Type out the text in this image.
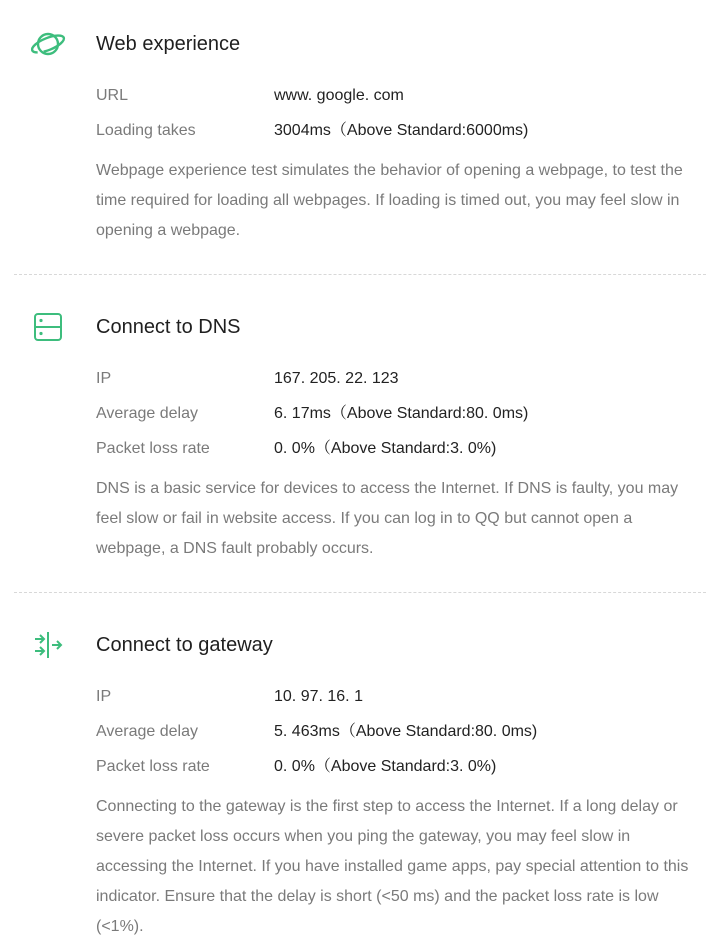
Web experience
URL	www. google. com
Loading takes	3004ms（Above Standard:6000ms)

Webpage experience test simulates the behavior of opening a webpage, to test the time required for loading all webpages. If loading is timed out, you may feel slow in opening a webpage.

Connect to DNS
IP	167. 205. 22. 123
Average delay	6. 17ms（Above Standard:80. 0ms)
Packet loss rate	0. 0%（Above Standard:3. 0%)

DNS is a basic service for devices to access the Internet. If DNS is faulty, you may feel slow or fail in website access. If you can log in to QQ but cannot open a webpage, a DNS fault probably occurs.

Connect to gateway
IP	10. 97. 16. 1
Average delay	5. 463ms（Above Standard:80. 0ms)
Packet loss rate	0. 0%（Above Standard:3. 0%)

Connecting to the gateway is the first step to access the Internet. If a long delay or severe packet loss occurs when you ping the gateway, you may feel slow in accessing the Internet. If you have installed game apps, pay special attention to this indicator. Ensure that the delay is short (<50 ms) and the packet loss rate is low (<1%).
